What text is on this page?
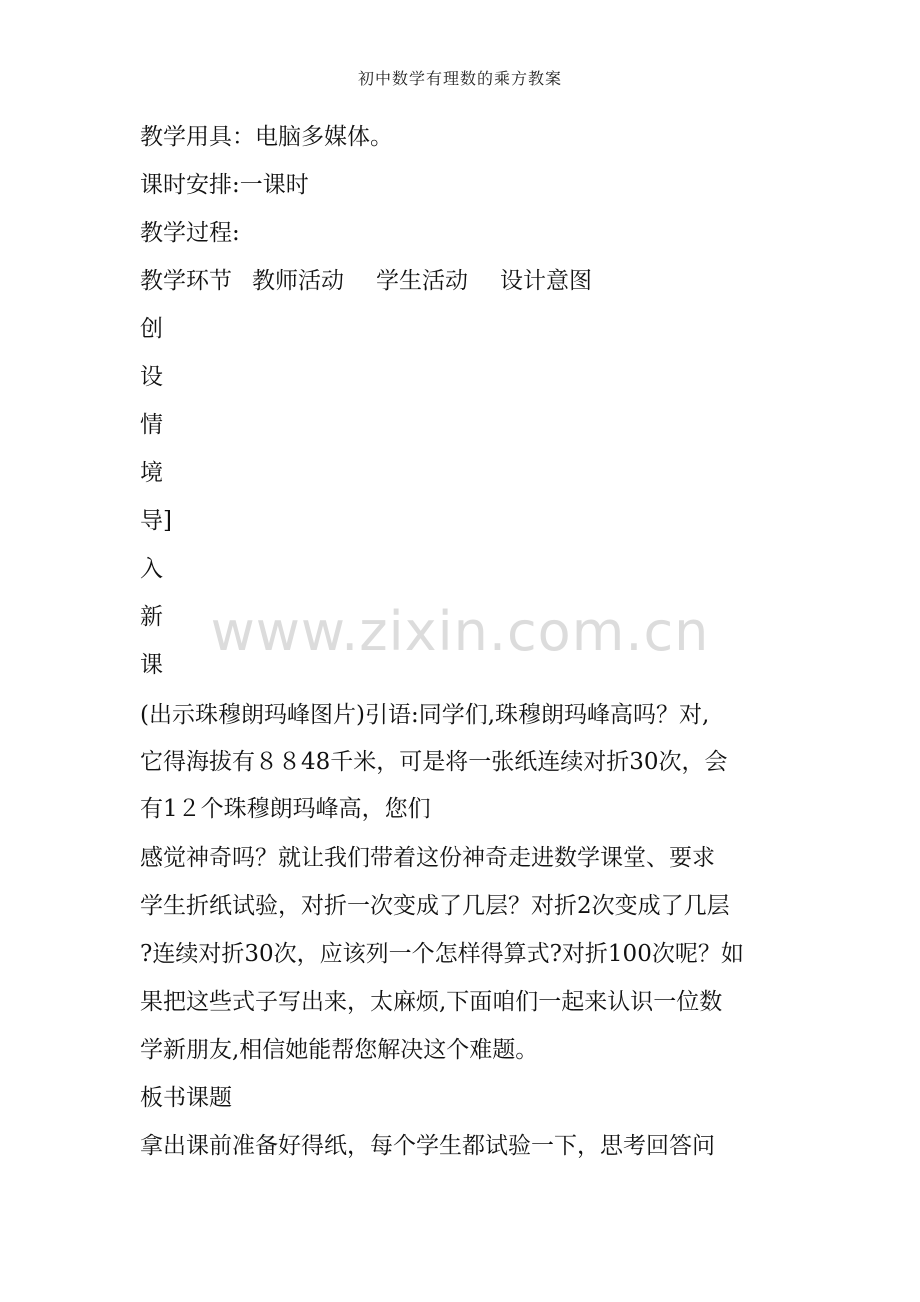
初中数学有理数的乘方教案
www.zixin.com.cn
教学用具：电脑多媒体。
课时安排:一课时
教学过程:
教学环节 教师活动 学生活动 设计意图
创
设
情
境
导]
入
新
课
(出示珠穆朗玛峰图片)引语:同学们,珠穆朗玛峰高吗？对,
它得海拔有８８48千米，可是将一张纸连续对折30次，会
有1２个珠穆朗玛峰高，您们
感觉神奇吗？就让我们带着这份神奇走进数学课堂、要求
学生折纸试验，对折一次变成了几层？对折2次变成了几层
?连续对折30次，应该列一个怎样得算式?对折100次呢？如
果把这些式子写出来，太麻烦,下面咱们一起来认识一位数
学新朋友,相信她能帮您解决这个难题。
板书课题
拿出课前准备好得纸，每个学生都试验一下，思考回答问
